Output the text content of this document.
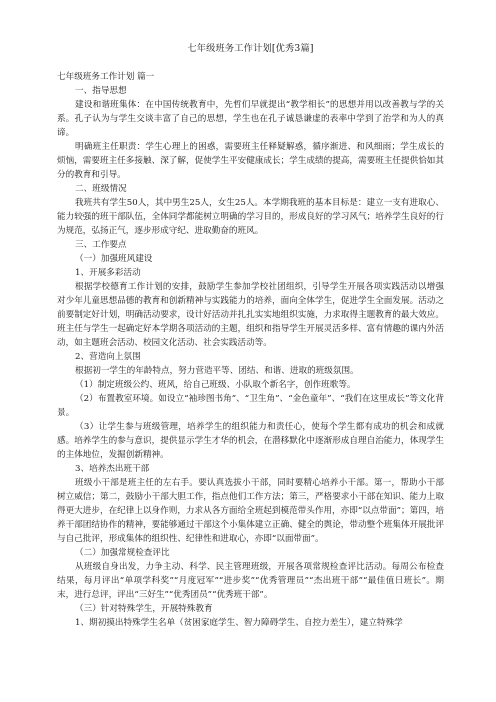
七年级班务工作计划[优秀3篇]

七年级班务工作计划 篇一

一、指导思想

建设和谐班集体：在中国传统教育中，先哲们早就提出“教学相长”的思想并用以改善教与学的关系。孔子认为与学生交谈丰富了自己的思想，学生也在孔子诚恳谦虚的表率中学到了治学和为人的真谛。

明确班主任职责：学生心理上的困惑，需要班主任释疑解惑，循序渐进、和风细雨；学生成长的烦恼，需要班主任多接触、深了解，促使学生平安健康成长；学生成绩的提高，需要班主任提供恰如其分的教育和引导。

二、班级情况

我班共有学生50人，其中男生25人，女生25人。本学期我班的基本目标是：建立一支有进取心、能力较强的班干部队伍，全体同学都能树立明确的学习目的，形成良好的学习风气；培养学生良好的行为规范，弘扬正气，逐步形成守纪、进取勤奋的班风。

三、工作要点

（一）加强班风建设

1、开展多彩活动

根据学校德育工作计划的安排，鼓励学生参加学校社团组织，引导学生开展各项实践活动以增强对少年儿童思想品德的教育和创新精神与实践能力的培养，面向全体学生，促进学生全面发展。活动之前要制定好计划，明确活动要求，设计好活动并扎扎实实地组织实施，力求取得主题教育的最大效应。班主任与学生一起确定好本学期各项活动的主题，组织和指导学生开展灵活多样、富有情趣的课内外活动，如主题班会活动、校园文化活动、社会实践活动等。

2、营造向上氛围

根据初一学生的年龄特点，努力营造平等、团结、和谐、进取的班级氛围。

（1）制定班级公约、班风，给自己班级、小队取个新名字，创作班歌等。

（2）布置教室环境。如设立“袖珍图书角”、“卫生角”、“金色童年”、“我们在这里成长”等文化背景。

（3）让学生参与班级管理，培养学生的组织能力和责任心，使每个学生都有成功的机会和成就感。培养学生的参与意识，提供显示学生才华的机会，在潜移默化中逐渐形成自理自治能力，体现学生的主体地位，发掘创新精神。

3、培养杰出班干部

班级小干部是班主任的左右手。要认真选拔小干部，同时要精心培养小干部。第一，帮助小干部树立威信；第二，鼓励小干部大胆工作，指点他们工作方法；第三，严格要求小干部在知识、能力上取得更大进步，在纪律上以身作则，力求从各方面给全班起到模范带头作用，亦即“以点带面”；第四，培养干部团结协作的精神，要能够通过干部这个小集体建立正确、健全的舆论，带动整个班集体开展批评与自己批评，形成集体的组织性、纪律性和进取心，亦即“以面带面”。

（二）加强常规检查评比

从班级自身出发，力争主动、科学、民主管理班级，开展各项常规检查评比活动。每周公布检查结果，每月评出“单项学科奖”“月度冠军”“进步奖”“优秀管理员”“杰出班干部”“最佳值日班长”。期末，进行总评，评出“三好生”“优秀团员”“优秀班干部”。

（三）针对特殊学生，开展特殊教育

1、期初摸出特殊学生名单（贫困家庭学生、智力障碍学生、自控力差生），建立特殊学
